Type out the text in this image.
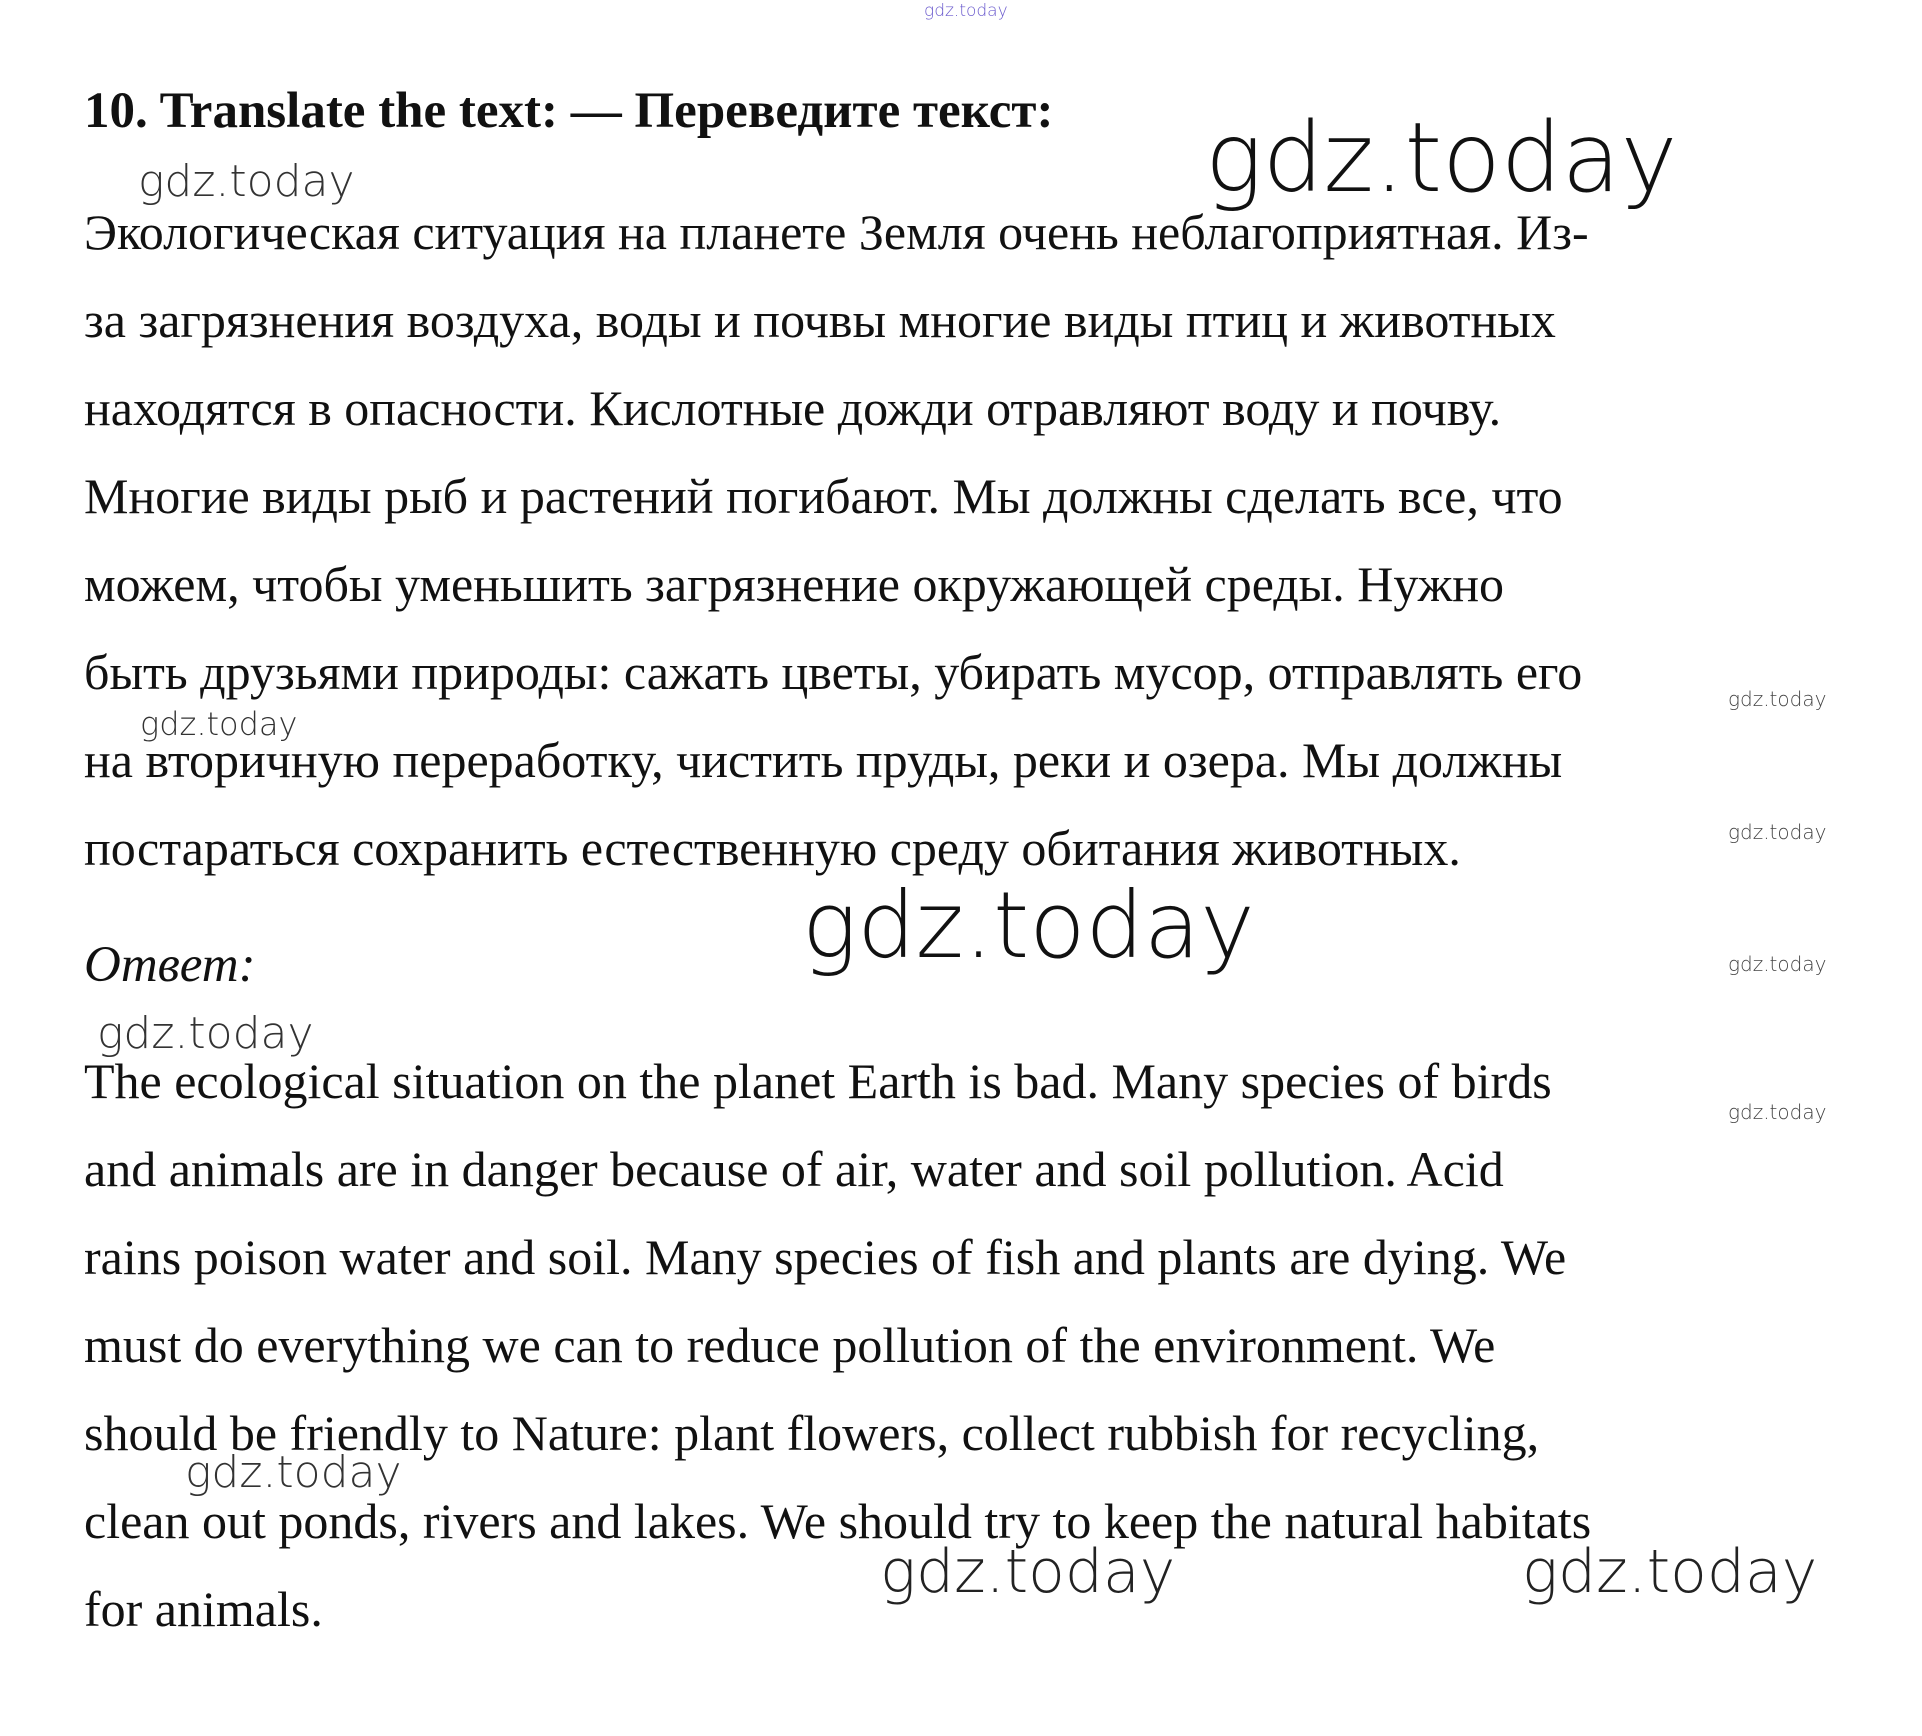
gdz.today
10. Translate the text: — Переведите текст:
Экологическая ситуация на планете Земля очень неблагоприятная. Из-
за загрязнения воздуха, воды и почвы многие виды птиц и животных
находятся в опасности. Кислотные дожди отравляют воду и почву.
Многие виды рыб и растений погибают. Мы должны сделать все, что
можем, чтобы уменьшить загрязнение окружающей среды. Нужно
быть друзьями природы: сажать цветы, убирать мусор, отправлять его
на вторичную переработку, чистить пруды, реки и озера. Мы должны
постараться сохранить естественную среду обитания животных.
Ответ:
The ecological situation on the planet Earth is bad. Many species of birds
and animals are in danger because of air, water and soil pollution. Acid
rains poison water and soil. Many species of fish and plants are dying. We
must do everything we can to reduce pollution of the environment. We
should be friendly to Nature: plant flowers, collect rubbish for recycling,
clean out ponds, rivers and lakes. We should try to keep the natural habitats
for animals.
gdz.today
gdz.today
gdz.today
gdz.today
gdz.today
gdz.today	gdz.today
gdz.today
gdz.today
gdz.today
gdz.today	gdz.today
